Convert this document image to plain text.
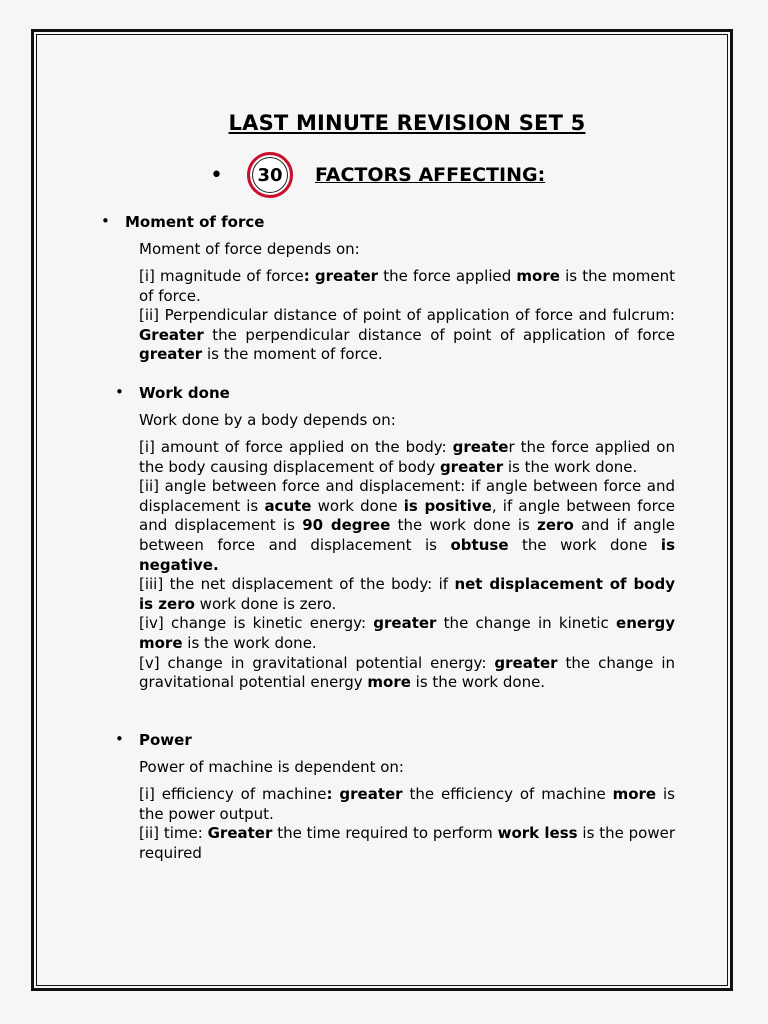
LAST MINUTE REVISION SET 5
•	30	FACTORS AFFECTING:
• Moment of force
Moment of force depends on:

[i] magnitude of force: greater the force applied more is the moment of force.

[ii] Perpendicular distance of point of application of force and fulcrum: Greater the perpendicular distance of point of application of force greater is the moment of force.

• Work done
Work done by a body depends on:

[i] amount of force applied on the body: greater the force applied on the body causing displacement of body greater is the work done.

[ii] angle between force and displacement: if angle between force and displacement is acute work done is positive, if angle between force and displacement is 90 degree the work done is zero and if angle between force and displacement is obtuse the work done is negative.

[iii] the net displacement of the body: if net displacement of body is zero work done is zero.

[iv] change is kinetic energy: greater the change in kinetic energy more is the work done.

[v] change in gravitational potential energy: greater the change in gravitational potential energy more is the work done.

• Power
Power of machine is dependent on:

[i] efficiency of machine: greater the efficiency of machine more is the power output.

[ii] time: Greater the time required to perform work less is the power required
